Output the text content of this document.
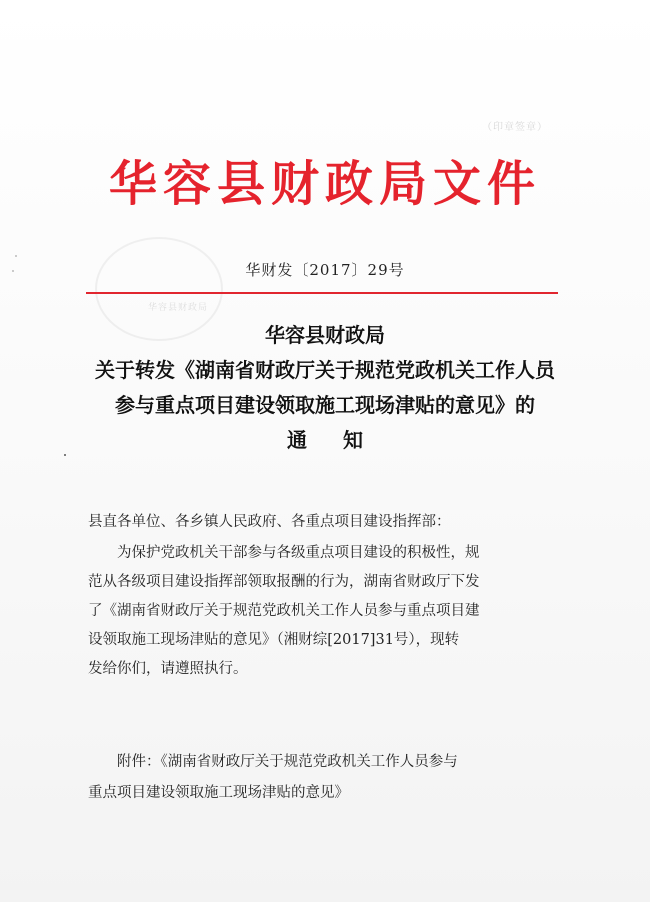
（印章签章）
华容县财政局文件
华容县财政局
华财发〔2017〕29号
华容县财政局
关于转发《湖南省财政厅关于规范党政机关工作人员
参与重点项目建设领取施工现场津贴的意见》的
通知
县直各单位、各乡镇人民政府、各重点项目建设指挥部：
为保护党政机关干部参与各级重点项目建设的积极性，规
范从各级项目建设指挥部领取报酬的行为，湖南省财政厅下发
了《湖南省财政厅关于规范党政机关工作人员参与重点项目建
设领取施工现场津贴的意见》（湘财综[2017]31号），现转
发给你们，请遵照执行。
附件：《湖南省财政厅关于规范党政机关工作人员参与
重点项目建设领取施工现场津贴的意见》
